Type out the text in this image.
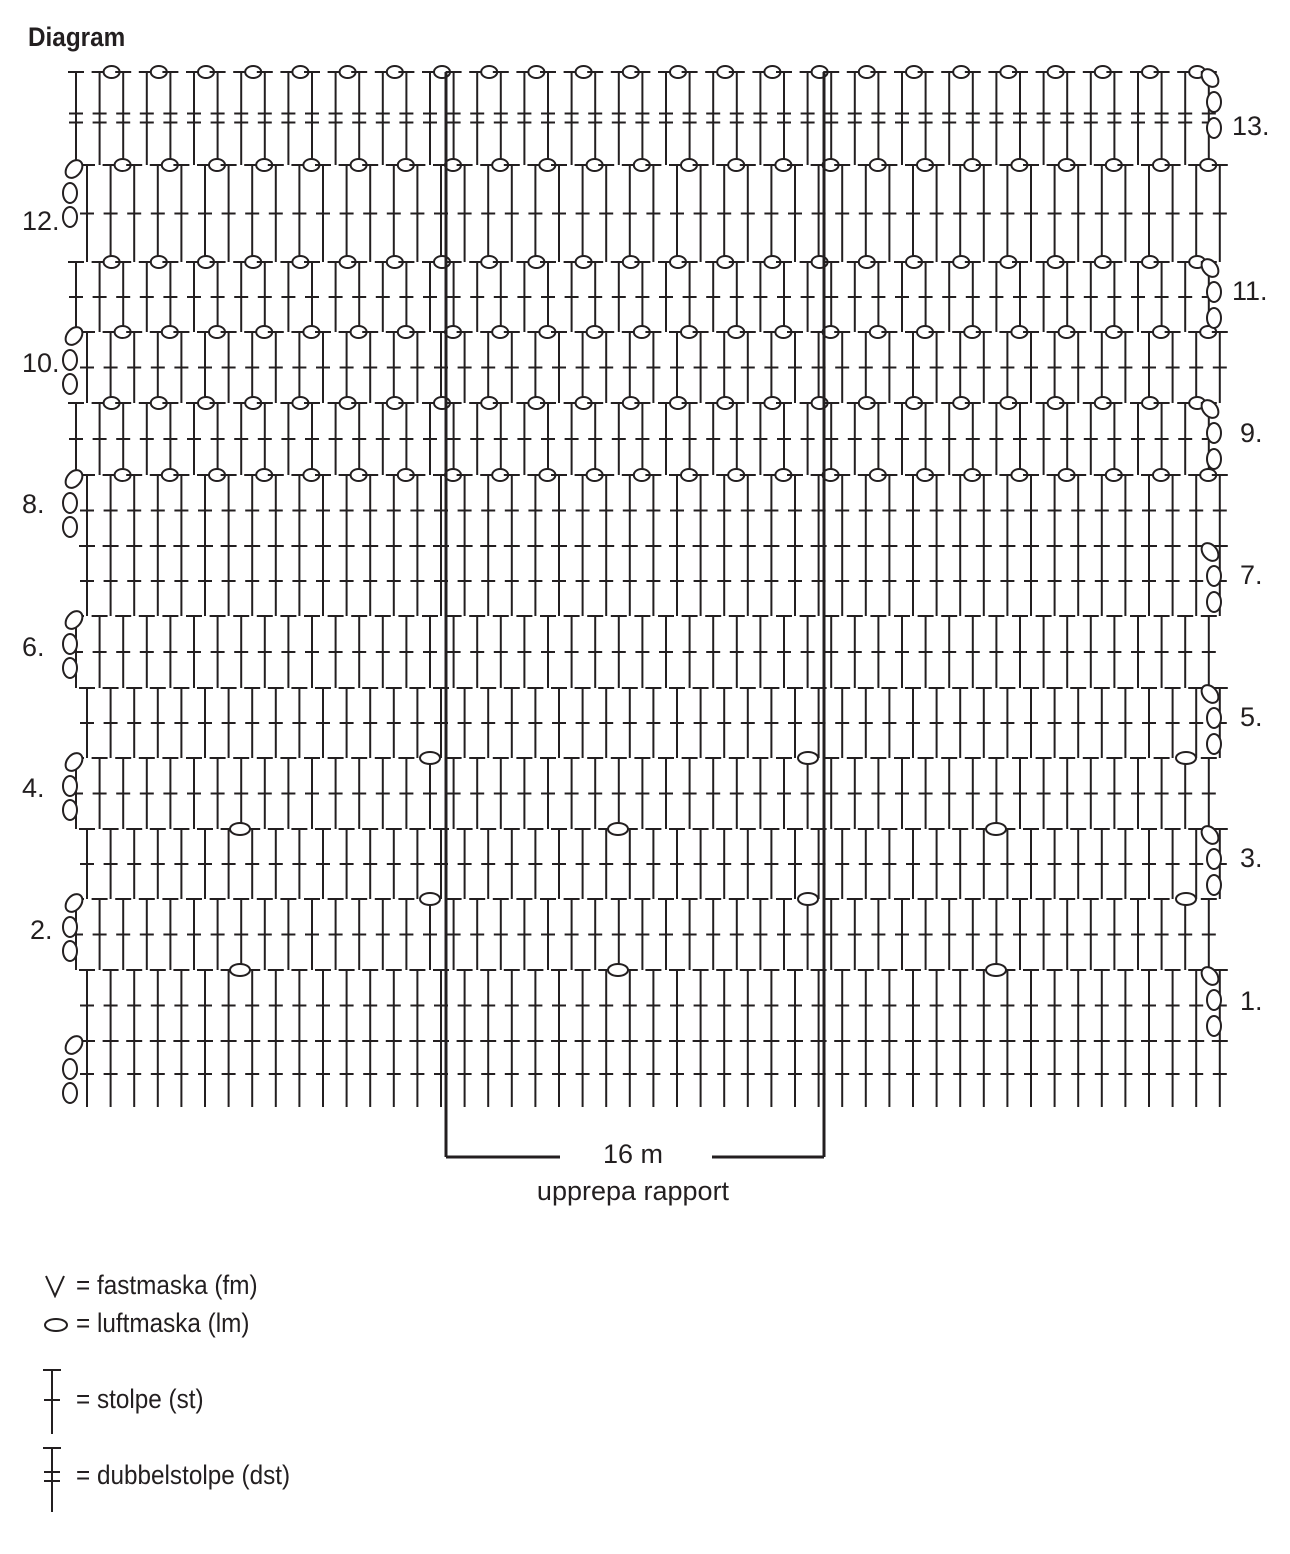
Diagram
16 m
upprepa rapport
12.
10.
8.
6.
4.
2.
13.
11.
9.
7.
5.
3.
1.
= fastmaska (fm)
= luftmaska (lm)
= stolpe (st)
= dubbelstolpe (dst)
